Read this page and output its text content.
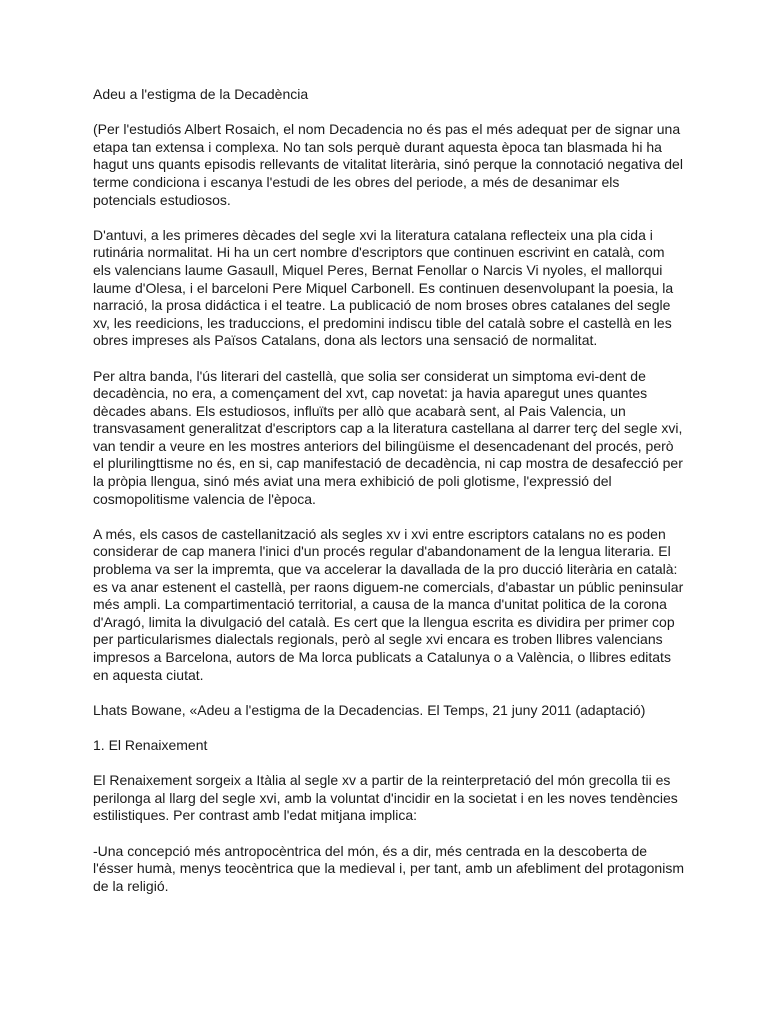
Adeu a l'estigma de la Decadència

(Per l'estudiós Albert Rosaich, el nom Decadencia no és pas el més adequat per de signar una etapa tan extensa i complexa. No tan sols perquè durant aquesta època tan blasmada hi ha hagut uns quants episodis rellevants de vitalitat literària, sinó perque la connotació negativa del terme condiciona i escanya l'estudi de les obres del periode, a més de desanimar els potencials estudiosos.

D'antuvi, a les primeres dècades del segle xvi la literatura catalana reflecteix una pla cida i rutinária normalitat. Hi ha un cert nombre d'escriptors que continuen escrivint en català, com els valencians laume Gasaull, Miquel Peres, Bernat Fenollar o Narcis Vi nyoles, el mallorqui laume d'Olesa, i el barceloni Pere Miquel Carbonell. Es continuen desenvolupant la poesia, la narració, la prosa didáctica i el teatre. La publicació de nom broses obres catalanes del segle xv, les reedicions, les traduccions, el predomini indiscu tible del català sobre el castellà en les obres impreses als Països Catalans, dona als lectors una sensació de normalitat.

Per altra banda, l'ús literari del castellà, que solia ser considerat un simptoma evi-dent de decadència, no era, a començament del xvt, cap novetat: ja havia aparegut unes quantes dècades abans. Els estudiosos, influïts per allò que acabarà sent, al Pais Valencia, un transvasament generalitzat d'escriptors cap a la literatura castellana al darrer terç del segle xvi, van tendir a veure en les mostres anteriors del bilingüisme el desencadenant del procés, però el plurilingttisme no és, en si, cap manifestació de decadència, ni cap mostra de desafecció per la pròpia llengua, sinó més aviat una mera exhibició de poli glotisme, l'expressió del cosmopolitisme valencia de l'època.

A més, els casos de castellanització als segles xv i xvi entre escriptors catalans no es poden considerar de cap manera l'inici d'un procés regular d'abandonament de la lengua literaria. El problema va ser la impremta, que va accelerar la davallada de la pro ducció literària en català: es va anar estenent el castellà, per raons diguem-ne comercials, d'abastar un públic peninsular més ampli. La compartimentació territorial, a causa de la manca d'unitat politica de la corona d'Aragó, limita la divulgació del català. Es cert que la llengua escrita es dividira per primer cop per particularismes dialectals regionals, però al segle xvi encara es troben llibres valencians impresos a Barcelona, autors de Ma lorca publicats a Catalunya o a València, o llibres editats en aquesta ciutat.

Lhats Bowane, «Adeu a l'estigma de la Decadencias. El Temps, 21 juny 2011 (adaptació)

1. El Renaixement

El Renaixement sorgeix a Itàlia al segle xv a partir de la reinterpretació del món grecolla tii es perilonga al llarg del segle xvi, amb la voluntat d'incidir en la societat i en les noves tendències estilistiques. Per contrast amb l'edat mitjana implica:

-Una concepció més antropocèntrica del món, és a dir, més centrada en la descoberta de l'ésser humà, menys teocèntrica que la medieval i, per tant, amb un afebliment del protagonism de la religió.
